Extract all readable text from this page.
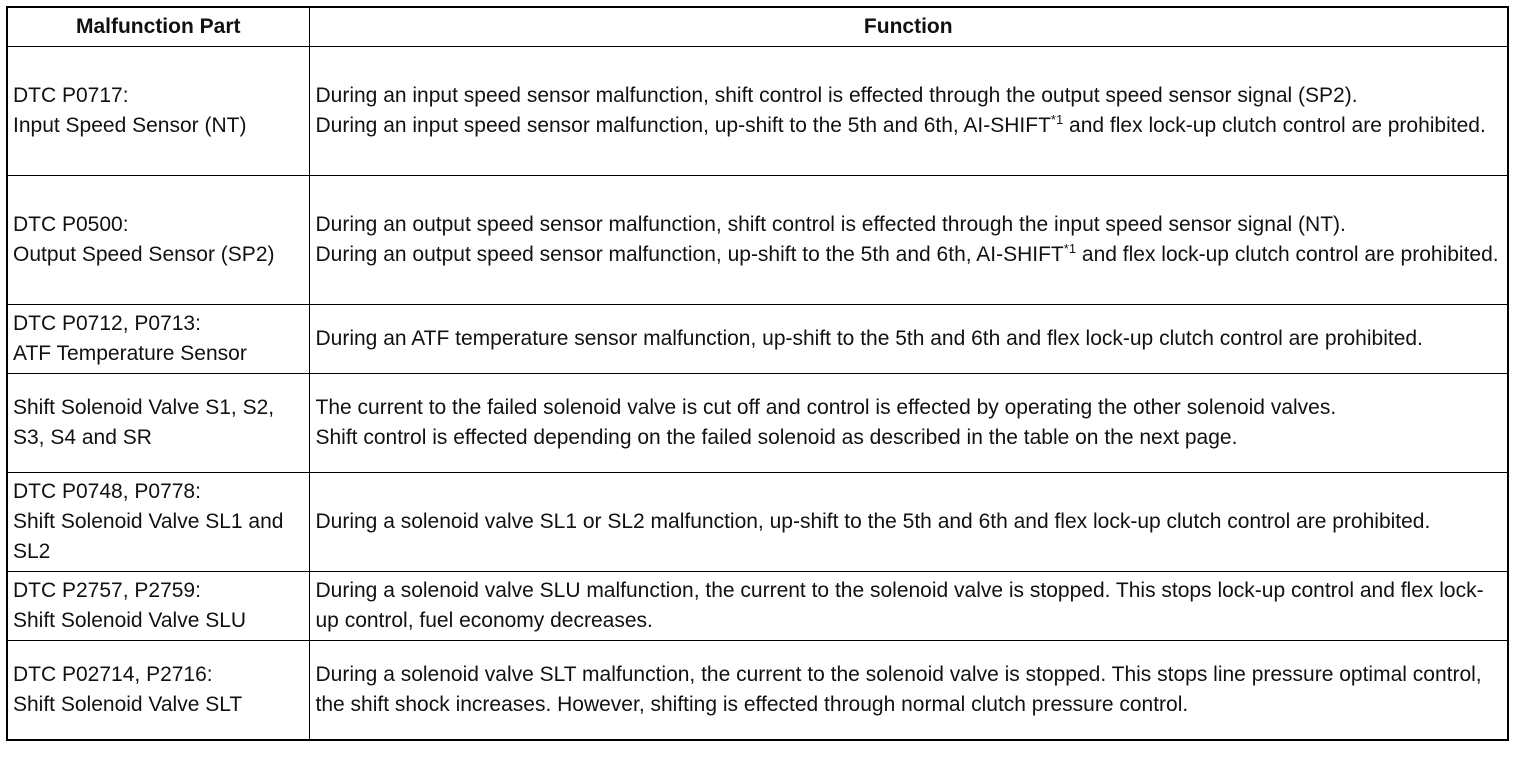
Malfunction Part	Function

DTC P0717:
Input Speed Sensor (NT)	During an input speed sensor malfunction, shift control is effected through the output speed sensor signal (SP2).
During an input speed sensor malfunction, up-shift to the 5th and 6th, AI-SHIFT$^{*1}$ and flex lock-up clutch control are prohibited.

DTC P0500:
Output Speed Sensor (SP2)	During an output speed sensor malfunction, shift control is effected through the input speed sensor signal (NT).
During an output speed sensor malfunction, up-shift to the 5th and 6th, AI-SHIFT$^{*1}$ and flex lock-up clutch control are prohibited.

DTC P0712, P0713:
ATF Temperature Sensor	During an ATF temperature sensor malfunction, up-shift to the 5th and 6th and flex lock-up clutch control are prohibited.

Shift Solenoid Valve S1, S2, S3, S4 and SR	The current to the failed solenoid valve is cut off and control is effected by operating the other solenoid valves.
Shift control is effected depending on the failed solenoid as described in the table on the next page.

DTC P0748, P0778:
Shift Solenoid Valve SL1 and SL2	During a solenoid valve SL1 or SL2 malfunction, up-shift to the 5th and 6th and flex lock-up clutch control are prohibited.

DTC P2757, P2759:
Shift Solenoid Valve SLU	During a solenoid valve SLU malfunction, the current to the solenoid valve is stopped. This stops lock-up control and flex lock-up control, fuel economy decreases.

DTC P02714, P2716:
Shift Solenoid Valve SLT	During a solenoid valve SLT malfunction, the current to the solenoid valve is stopped. This stops line pressure optimal control, the shift shock increases. However, shifting is effected through normal clutch pressure control.
